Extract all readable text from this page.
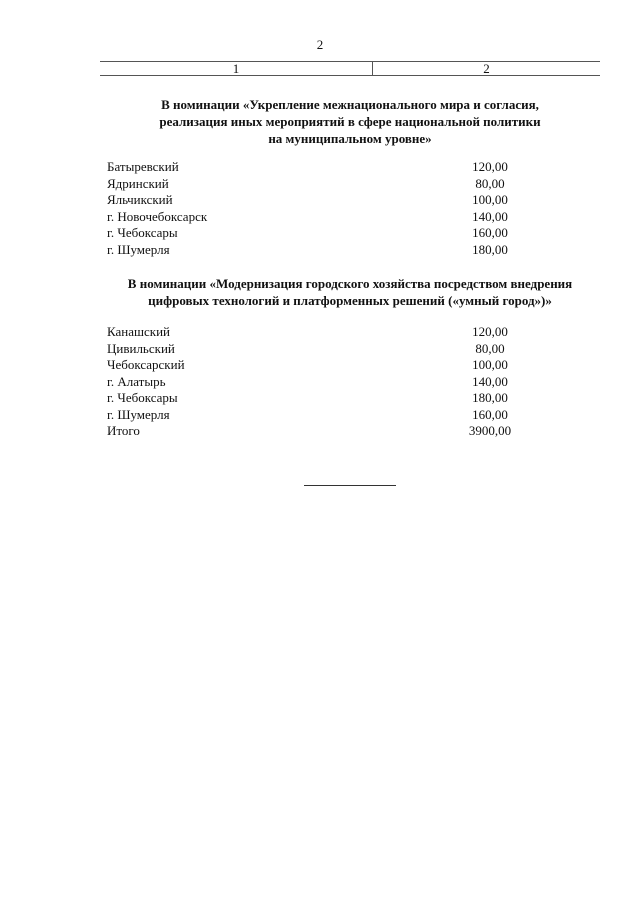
2
1	2
В номинации «Укрепление межнационального мира и согласия,
реализация иных мероприятий в сфере национальной политики
на муниципальном уровне»
Батыревский	120,00
Ядринский	80,00
Яльчикский	100,00
г. Новочебоксарск	140,00
г. Чебоксары	160,00
г. Шумерля	180,00
В номинации «Модернизация городского хозяйства посредством внедрения
цифровых технологий и платформенных решений («умный город»)»
Канашский	120,00
Цивильский	80,00
Чебоксарский	100,00
г. Алатырь	140,00
г. Чебоксары	180,00
г. Шумерля	160,00
Итого	3900,00
